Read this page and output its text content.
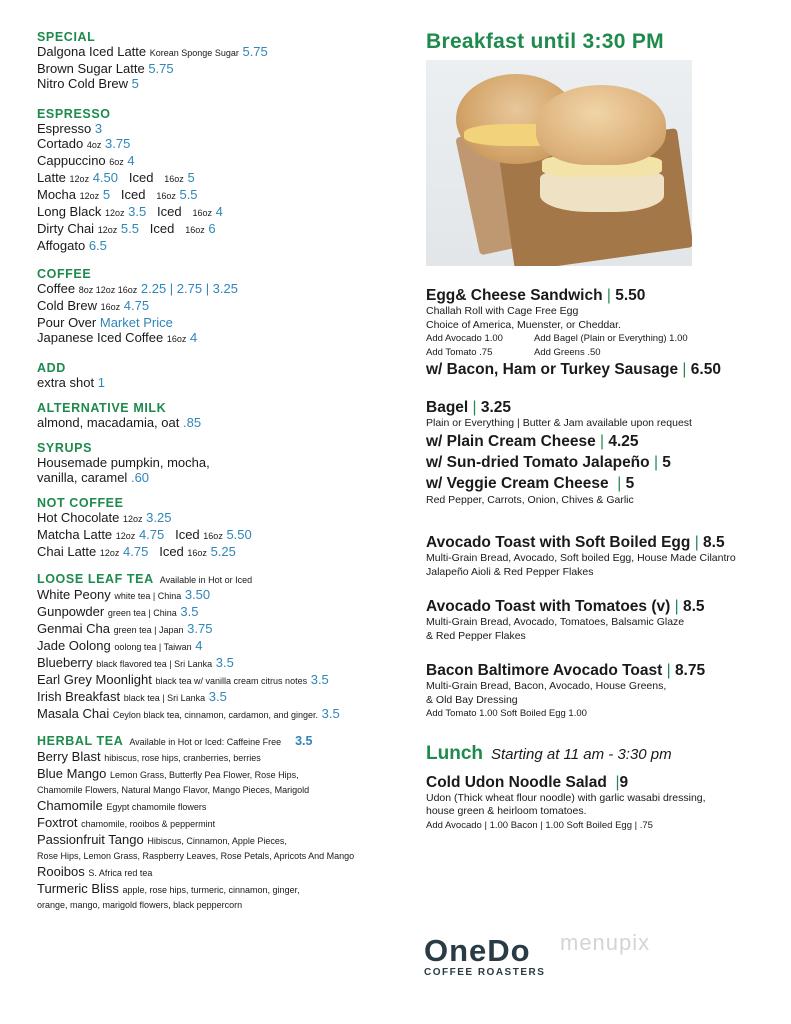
SPECIAL
Dalgona Iced Latte Korean Sponge Sugar 5.75
Brown Sugar Latte 5.75
Nitro Cold Brew 5
ESPRESSO
Espresso 3
Cortado 4oz 3.75
Cappuccino 6oz 4
Latte 12oz 4.50 Iced 16oz 5
Mocha 12oz 5 Iced 16oz 5.5
Long Black 12oz 3.5 Iced 16oz 4
Dirty Chai 12oz 5.5 Iced 16oz 6
Affogato 6.5
COFFEE
Coffee 8oz 12oz 16oz 2.25 | 2.75 | 3.25
Cold Brew 16oz 4.75
Pour Over Market Price
Japanese Iced Coffee 16oz 4
ADD
extra shot 1
ALTERNATIVE MILK
almond, macadamia, oat .85
SYRUPS
Housemade pumpkin, mocha,
vanilla, caramel .60
NOT COFFEE
Hot Chocolate 12oz 3.25
Matcha Latte 12oz 4.75 Iced 16oz 5.50
Chai Latte 12oz 4.75 Iced 16oz 5.25
LOOSE LEAF TEA Available in Hot or Iced
White Peony white tea | China 3.50
Gunpowder green tea | China 3.5
Genmai Cha green tea | Japan 3.75
Jade Oolong oolong tea | Taiwan 4
Blueberry black flavored tea | Sri Lanka 3.5
Earl Grey Moonlight black tea w/ vanilla cream citrus notes 3.5
Irish Breakfast black tea | Sri Lanka 3.5
Masala Chai Ceylon black tea, cinnamon, cardamon, and ginger. 3.5
HERBAL TEA Available in Hot or Iced: Caffeine Free 3.5
Berry Blast hibiscus, rose hips, cranberries, berries
Blue Mango Lemon Grass, Butterfly Pea Flower, Rose Hips,
Chamomile Flowers, Natural Mango Flavor, Mango Pieces, Marigold
Chamomile Egypt chamomile flowers
Foxtrot chamomile, rooibos & peppermint
Passionfruit Tango Hibiscus, Cinnamon, Apple Pieces,
Rose Hips, Lemon Grass, Raspberry Leaves, Rose Petals, Apricots And Mango
Rooibos S. Africa red tea
Turmeric Bliss apple, rose hips, turmeric, cinnamon, ginger,
orange, mango, marigold flowers, black peppercorn
Breakfast until 3:30 PM
Egg& Cheese Sandwich | 5.50
Challah Roll with Cage Free Egg
Choice of America, Muenster, or Cheddar.
Add Avocado 1.00	Add Bagel (Plain or Everything) 1.00
Add Tomato .75	Add Greens .50
w/ Bacon, Ham or Turkey Sausage | 6.50
Bagel | 3.25
Plain or Everything | Butter & Jam available upon request
w/ Plain Cream Cheese | 4.25
w/ Sun-dried Tomato Jalapeño | 5
w/ Veggie Cream Cheese | 5
Red Pepper, Carrots, Onion, Chives & Garlic
Avocado Toast with Soft Boiled Egg | 8.5
Multi-Grain Bread, Avocado, Soft boiled Egg, House Made Cilantro
Jalapeño Aioli & Red Pepper Flakes
Avocado Toast with Tomatoes (v) | 8.5
Multi-Grain Bread, Avocado, Tomatoes, Balsamic Glaze
& Red Pepper Flakes
Bacon Baltimore Avocado Toast | 8.75
Multi-Grain Bread, Bacon, Avocado, House Greens,
& Old Bay Dressing
Add Tomato 1.00 Soft Boiled Egg 1.00
Lunch Starting at 11 am - 3:30 pm
Cold Udon Noodle Salad |9
Udon (Thick wheat flour noodle) with garlic wasabi dressing,
house green & heirloom tomatoes.
Add Avocado | 1.00 Bacon | 1.00 Soft Boiled Egg | .75
OneDo
COFFEE ROASTERS
menupix
